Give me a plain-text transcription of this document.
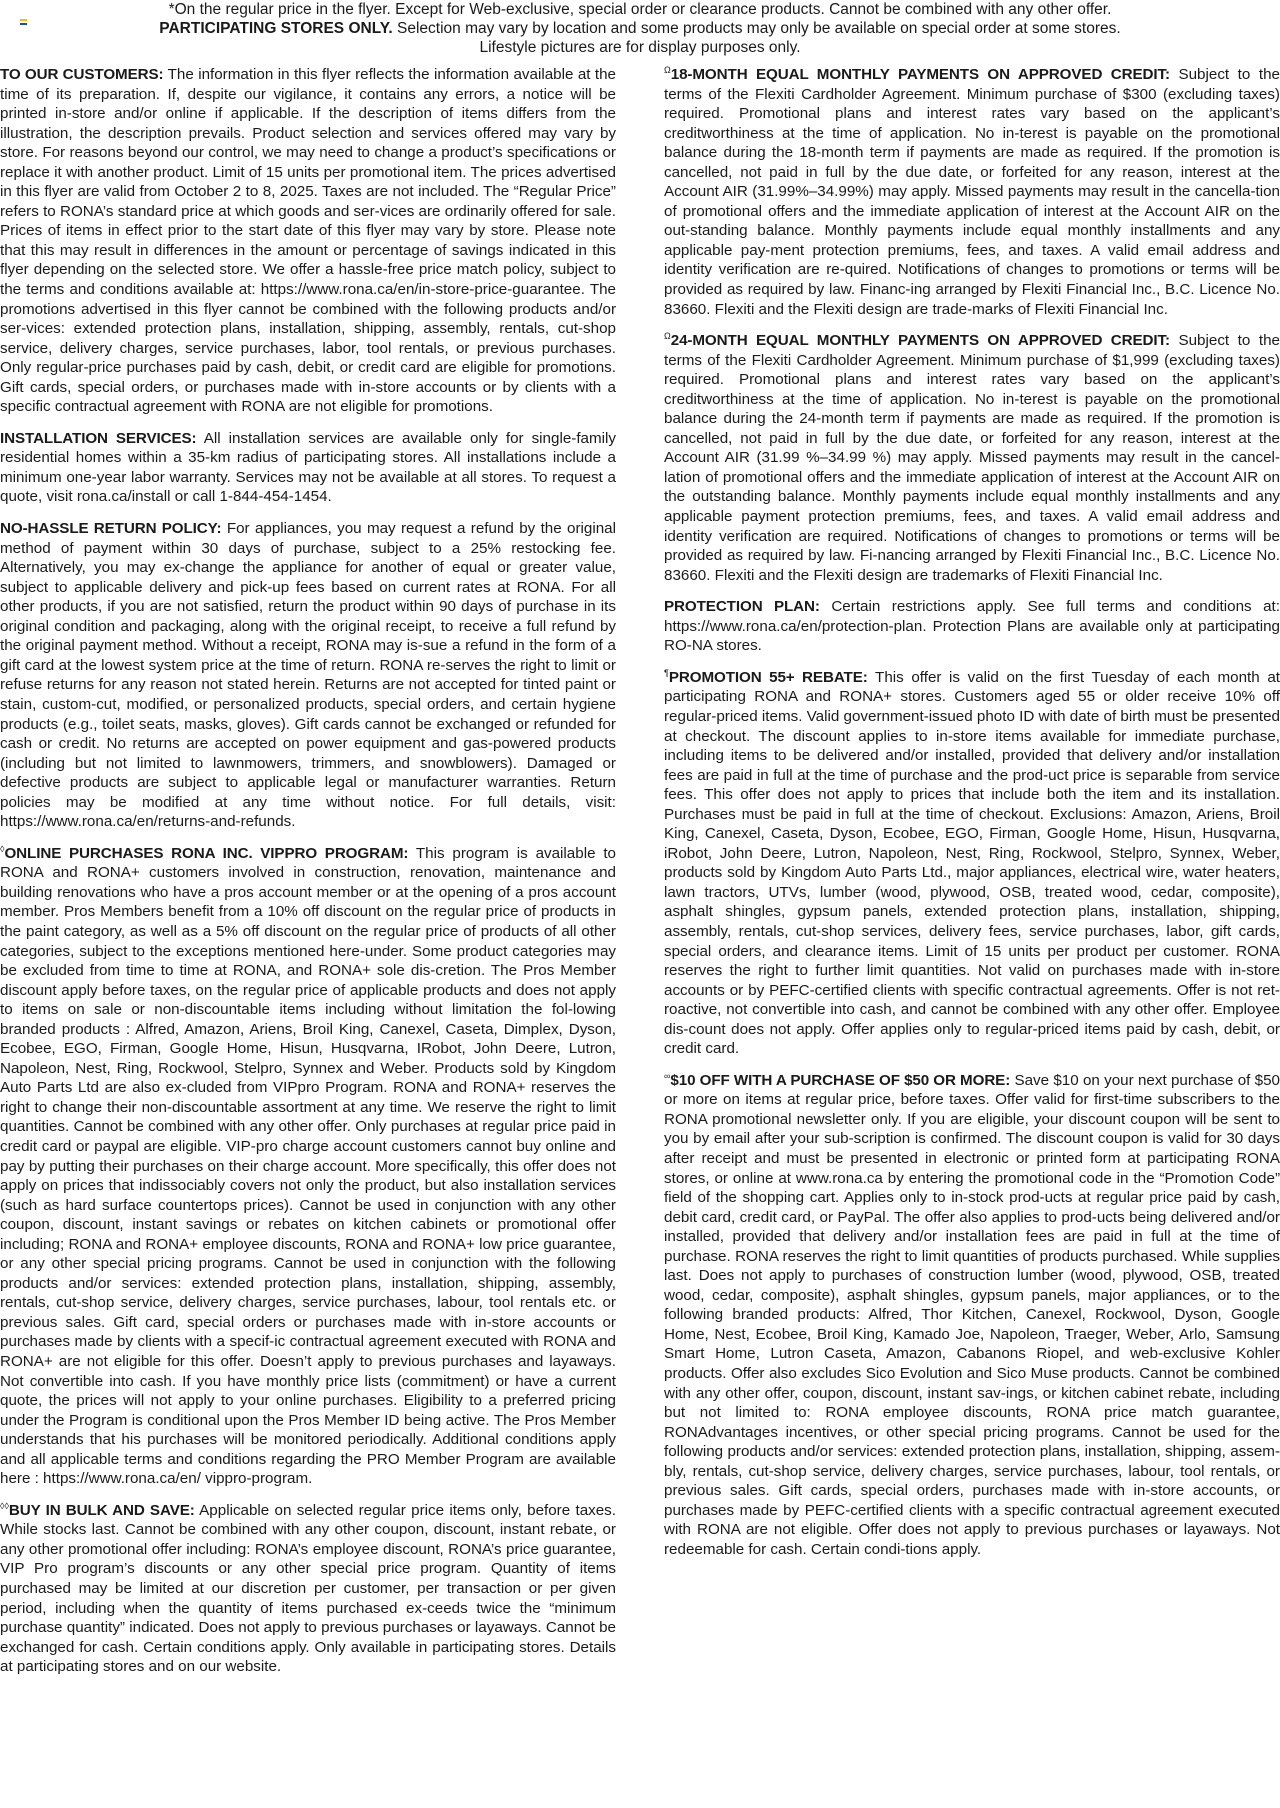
*On the regular price in the flyer. Except for Web-exclusive, special order or clearance products. Cannot be combined with any other offer.
PARTICIPATING STORES ONLY. Selection may vary by location and some products may only be available on special order at some stores.
Lifestyle pictures are for display purposes only.

TO OUR CUSTOMERS: The information in this flyer reflects the information available at the time of its preparation. If, despite our vigilance, it contains any errors, a notice will be printed in-store and/or online if applicable. If the description of items differs from the illustration, the description prevails. Product selection and services offered may vary by store. For reasons beyond our control, we may need to change a product’s specifications or replace it with another product. Limit of 15 units per promotional item. The prices advertised in this flyer are valid from October 2 to 8, 2025. Taxes are not included. The “Regular Price” refers to RONA’s standard price at which goods and ser-vices are ordinarily offered for sale. Prices of items in effect prior to the start date of this flyer may vary by store. Please note that this may result in differences in the amount or percentage of savings indicated in this flyer depending on the selected store. We offer a hassle-free price match policy, subject to the terms and conditions available at: https://www.rona.ca/en/in-store-price-guarantee. The promotions advertised in this flyer cannot be combined with the following products and/or ser-vices: extended protection plans, installation, shipping, assembly, rentals, cut-shop service, delivery charges, service purchases, labor, tool rentals, or previous purchases. Only regular-price purchases paid by cash, debit, or credit card are eligible for promotions. Gift cards, special orders, or purchases made with in-store accounts or by clients with a specific contractual agreement with RONA are not eligible for promotions.

INSTALLATION SERVICES: All installation services are available only for single-family residential homes within a 35-km radius of participating stores. All installations include a minimum one-year labor warranty. Services may not be available at all stores. To request a quote, visit rona.ca/install or call 1-844-454-1454.

NO-HASSLE RETURN POLICY: For appliances, you may request a refund by the original method of payment within 30 days of purchase, subject to a 25% restocking fee. Alternatively, you may ex-change the appliance for another of equal or greater value, subject to applicable delivery and pick-up fees based on current rates at RONA. For all other products, if you are not satisfied, return the product within 90 days of purchase in its original condition and packaging, along with the original receipt, to receive a full refund by the original payment method. Without a receipt, RONA may is-sue a refund in the form of a gift card at the lowest system price at the time of return. RONA re-serves the right to limit or refuse returns for any reason not stated herein. Returns are not accepted for tinted paint or stain, custom-cut, modified, or personalized products, special orders, and certain hygiene products (e.g., toilet seats, masks, gloves). Gift cards cannot be exchanged or refunded for cash or credit. No returns are accepted on power equipment and gas-powered products (including but not limited to lawnmowers, trimmers, and snowblowers). Damaged or defective products are subject to applicable legal or manufacturer warranties. Return policies may be modified at any time without notice. For full details, visit: https://www.rona.ca/en/returns-and-refunds.

◊ONLINE PURCHASES RONA INC. VIPPRO PROGRAM: This program is available to RONA and RONA+ customers involved in construction, renovation, maintenance and building renovations who have a pros account member or at the opening of a pros account member. Pros Members benefit from a 10% off discount on the regular price of products in the paint category, as well as a 5% off discount on the regular price of products of all other categories, subject to the exceptions mentioned here-under. Some product categories may be excluded from time to time at RONA, and RONA+ sole dis-cretion. The Pros Member discount apply before taxes, on the regular price of applicable products and does not apply to items on sale or non-discountable items including without limitation the fol-lowing branded products : Alfred, Amazon, Ariens, Broil King, Canexel, Caseta, Dimplex, Dyson, Ecobee, EGO, Firman, Google Home, Hisun, Husqvarna, IRobot, John Deere, Lutron, Napoleon, Nest, Ring, Rockwool, Stelpro, Synnex and Weber. Products sold by Kingdom Auto Parts Ltd are also ex-cluded from VIPpro Program. RONA and RONA+ reserves the right to change their non-discountable assortment at any time. We reserve the right to limit quantities. Cannot be combined with any other offer. Only purchases at regular price paid in credit card or paypal are eligible. VIP-pro charge account customers cannot buy online and pay by putting their purchases on their charge account. More specifically, this offer does not apply on prices that indissociably covers not only the product, but also installation services (such as hard surface countertops prices). Cannot be used in conjunction with any other coupon, discount, instant savings or rebates on kitchen cabinets or promotional offer including; RONA and RONA+ employee discounts, RONA and RONA+ low price guarantee, or any other special pricing programs. Cannot be used in conjunction with the following products and/or services: extended protection plans, installation, shipping, assembly, rentals, cut-shop service, delivery charges, service purchases, labour, tool rentals etc. or previous sales. Gift card, special orders or purchases made with in-store accounts or purchases made by clients with a specif-ic contractual agreement executed with RONA and RONA+ are not eligible for this offer. Doesn’t apply to previous purchases and layaways. Not convertible into cash. If you have monthly price lists (commitment) or have a current quote, the prices will not apply to your online purchases. Eligibility to a preferred pricing under the Program is conditional upon the Pros Member ID being active. The Pros Member understands that his purchases will be monitored periodically. Additional conditions apply and all applicable terms and conditions regarding the PRO Member Program are available here : https://www.rona.ca/en/ vippro-program.

◊◊BUY IN BULK AND SAVE: Applicable on selected regular price items only, before taxes. While stocks last. Cannot be combined with any other coupon, discount, instant rebate, or any other promotional offer including: RONA’s employee discount, RONA’s price guarantee, VIP Pro program’s discounts or any other special price program. Quantity of items purchased may be limited at our discretion per customer, per transaction or per given period, including when the quantity of items purchased ex-ceeds twice the “minimum purchase quantity” indicated. Does not apply to previous purchases or layaways. Cannot be exchanged for cash. Certain conditions apply. Only available in participating stores. Details at participating stores and on our website.

$^\Omega$18-MONTH EQUAL MONTHLY PAYMENTS ON APPROVED CREDIT: Subject to the terms of the Flexiti Cardholder Agreement. Minimum purchase of $300 (excluding taxes) required. Promotional plans and interest rates vary based on the applicant’s creditworthiness at the time of application. No in-terest is payable on the promotional balance during the 18-month term if payments are made as required. If the promotion is cancelled, not paid in full by the due date, or forfeited for any reason, interest at the Account AIR (31.99%–34.99%) may apply. Missed payments may result in the cancella-tion of promotional offers and the immediate application of interest at the Account AIR on the out-standing balance. Monthly payments include equal monthly installments and any applicable pay-ment protection premiums, fees, and taxes. A valid email address and identity verification are re-quired. Notifications of changes to promotions or terms will be provided as required by law. Financ-ing arranged by Flexiti Financial Inc., B.C. Licence No. 83660. Flexiti and the Flexiti design are trade-marks of Flexiti Financial Inc.

$^\Omega$24-MONTH EQUAL MONTHLY PAYMENTS ON APPROVED CREDIT: Subject to the terms of the Flexiti Cardholder Agreement. Minimum purchase of $1,999 (excluding taxes) required. Promotional plans and interest rates vary based on the applicant’s creditworthiness at the time of application. No in-terest is payable on the promotional balance during the 24-month term if payments are made as required. If the promotion is cancelled, not paid in full by the due date, or forfeited for any reason, interest at the Account AIR (31.99 %–34.99 %) may apply. Missed payments may result in the cancel-lation of promotional offers and the immediate application of interest at the Account AIR on the outstanding balance. Monthly payments include equal monthly installments and any applicable payment protection premiums, fees, and taxes. A valid email address and identity verification are required. Notifications of changes to promotions or terms will be provided as required by law. Fi-nancing arranged by Flexiti Financial Inc., B.C. Licence No. 83660. Flexiti and the Flexiti design are trademarks of Flexiti Financial Inc.

PROTECTION PLAN: Certain restrictions apply. See full terms and conditions at: https://www.rona.ca/en/protection-plan. Protection Plans are available only at participating RO-NA stores.

¶PROMOTION 55+ REBATE: This offer is valid on the first Tuesday of each month at participating RONA and RONA+ stores. Customers aged 55 or older receive 10% off regular-priced items. Valid government-issued photo ID with date of birth must be presented at checkout. The discount applies to in-store items available for immediate purchase, including items to be delivered and/or installed, provided that delivery and/or installation fees are paid in full at the time of purchase and the prod-uct price is separable from service fees. This offer does not apply to prices that include both the item and its installation. Purchases must be paid in full at the time of checkout. Exclusions: Amazon, Ariens, Broil King, Canexel, Caseta, Dyson, Ecobee, EGO, Firman, Google Home, Hisun, Husqvarna, iRobot, John Deere, Lutron, Napoleon, Nest, Ring, Rockwool, Stelpro, Synnex, Weber, products sold by Kingdom Auto Parts Ltd., major appliances, electrical wire, water heaters, lawn tractors, UTVs, lumber (wood, plywood, OSB, treated wood, cedar, composite), asphalt shingles, gypsum panels, extended protection plans, installation, shipping, assembly, rentals, cut-shop services, delivery fees, service purchases, labor, gift cards, special orders, and clearance items. Limit of 15 units per product per customer. RONA reserves the right to further limit quantities. Not valid on purchases made with in-store accounts or by PEFC-certified clients with specific contractual agreements. Offer is not ret-roactive, not convertible into cash, and cannot be combined with any other offer. Employee dis-count does not apply. Offer applies only to regular-priced items paid by cash, debit, or credit card.

∞$10 OFF WITH A PURCHASE OF $50 OR MORE: Save $10 on your next purchase of $50 or more on items at regular price, before taxes. Offer valid for first-time subscribers to the RONA promotional newsletter only. If you are eligible, your discount coupon will be sent to you by email after your sub-scription is confirmed. The discount coupon is valid for 30 days after receipt and must be presented in electronic or printed form at participating RONA stores, or online at www.rona.ca by entering the promotional code in the “Promotion Code” field of the shopping cart. Applies only to in-stock prod-ucts at regular price paid by cash, debit card, credit card, or PayPal. The offer also applies to prod-ucts being delivered and/or installed, provided that delivery and/or installation fees are paid in full at the time of purchase. RONA reserves the right to limit quantities of products purchased. While supplies last. Does not apply to purchases of construction lumber (wood, plywood, OSB, treated wood, cedar, composite), asphalt shingles, gypsum panels, major appliances, or to the following branded products: Alfred, Thor Kitchen, Canexel, Rockwool, Dyson, Google Home, Nest, Ecobee, Broil King, Kamado Joe, Napoleon, Traeger, Weber, Arlo, Samsung Smart Home, Lutron Caseta, Amazon, Cabanons Riopel, and web-exclusive Kohler products. Offer also excludes Sico Evolution and Sico Muse products. Cannot be combined with any other offer, coupon, discount, instant sav-ings, or kitchen cabinet rebate, including but not limited to: RONA employee discounts, RONA price match guarantee, RONAdvantages incentives, or other special pricing programs. Cannot be used for the following products and/or services: extended protection plans, installation, shipping, assem-bly, rentals, cut-shop service, delivery charges, service purchases, labour, tool rentals, or previous sales. Gift cards, special orders, purchases made with in-store accounts, or purchases made by PEFC-certified clients with a specific contractual agreement executed with RONA are not eligible. Offer does not apply to previous purchases or layaways. Not redeemable for cash. Certain condi-tions apply.
